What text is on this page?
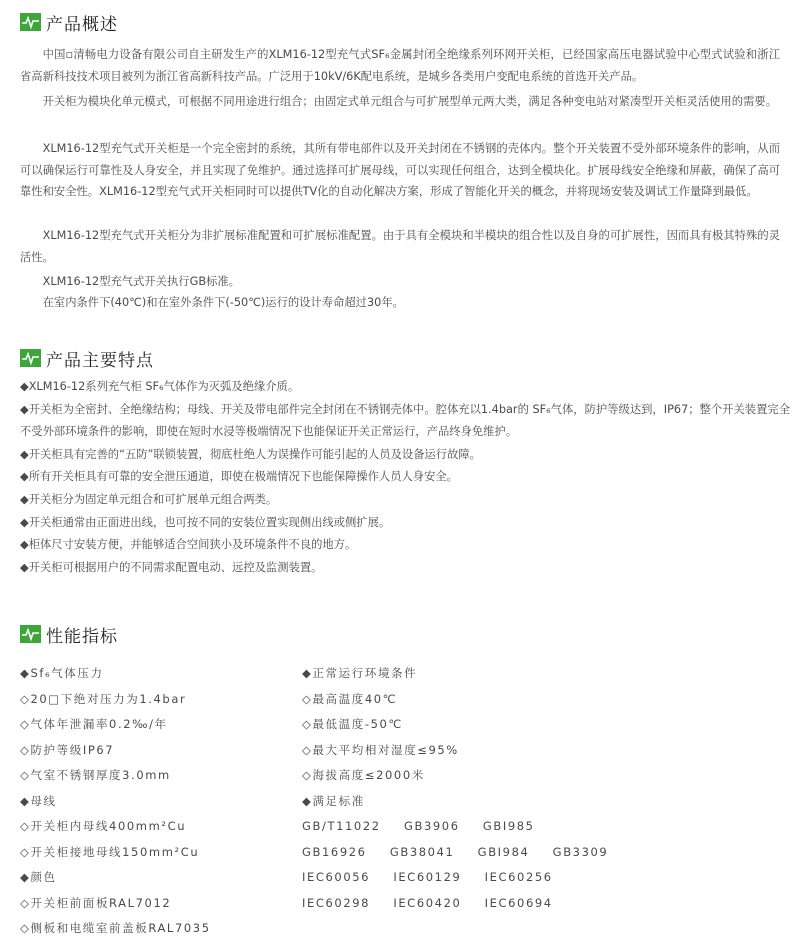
产品概述

中国▫清畅电力设备有限公司自主研发生产的XLM16-12型充气式SF₆金属封闭全绝缘系列环网开关柜，已经国家高压电器试验中心型式试验和浙江省高新科技技术项目被列为浙江省高新科技产品。广泛用于10kV/6K配电系统，是城乡各类用户变配电系统的首选开关产品。

开关柜为模块化单元模式，可根据不同用途进行组合；由固定式单元组合与可扩展型单元两大类，满足各种变电站对紧凑型开关柜灵活使用的需要。

XLM16-12型充气式开关柜是一个完全密封的系统，其所有带电部件以及开关封闭在不锈钢的壳体内。整个开关装置不受外部环境条件的影响，从而可以确保运行可靠性及人身安全，并且实现了免维护。通过选择可扩展母线，可以实现任何组合，达到全模块化。扩展母线安全绝缘和屏蔽，确保了高可靠性和安全性。XLM16-12型充气式开关柜同时可以提供TV化的自动化解决方案，形成了智能化开关的概念，并将现场安装及调试工作量降到最低。

XLM16-12型充气式开关柜分为非扩展标准配置和可扩展标准配置。由于具有全模块和半模块的组合性以及自身的可扩展性，因而具有极其特殊的灵活性。

XLM16-12型充气式开关执行GB标准。

在室内条件下(40℃)和在室外条件下(-50℃)运行的设计寿命超过30年。

产品主要特点
◆XLM16-12系列充气柜 SF₆气体作为灭弧及绝缘介质。
◆开关柜为全密封、全绝缘结构；母线、开关及带电部件完全封闭在不锈钢壳体中。腔体充以1.4bar的 SF₆气体，防护等级达到，IP67；整个开关装置完全不受外部环境条件的影响，即使在短时水浸等极端情况下也能保证开关正常运行，产品终身免维护。
◆开关柜具有完善的“五防”联锁装置，彻底杜绝人为误操作可能引起的人员及设备运行故障。
◆所有开关柜具有可靠的安全泄压通道，即使在极端情况下也能保障操作人员人身安全。
◆开关柜分为固定单元组合和可扩展单元组合两类。
◆开关柜通常由正面进出线，也可按不同的安装位置实现侧出线或侧扩展。
◆柜体尺寸安装方便，并能够适合空间狭小及环境条件不良的地方。
◆开关柜可根据用户的不同需求配置电动、远控及监测装置。
性能指标
◆Sf₆气体压力
◇20□下绝对压力为1.4bar
◇气体年泄漏率0.2‰/年
◇防护等级IP67
◇气室不锈钢厚度3.0mm
◆母线
◇开关柜内母线400mm²Cu
◇开关柜接地母线150mm²Cu
◆颜色
◇开关柜前面板RAL7012
◇侧板和电缆室前盖板RAL7035
◆正常运行环境条件
◇最高温度40℃
◇最低温度-50℃
◇最大平均相对湿度≤95%
◇海拔高度≤2000米
◆满足标准
GB/T11022 GB3906 GBI985
GB16926 GB38041 GBI984 GB3309
IEC60056 IEC60129 IEC60256
IEC60298 IEC60420 IEC60694
